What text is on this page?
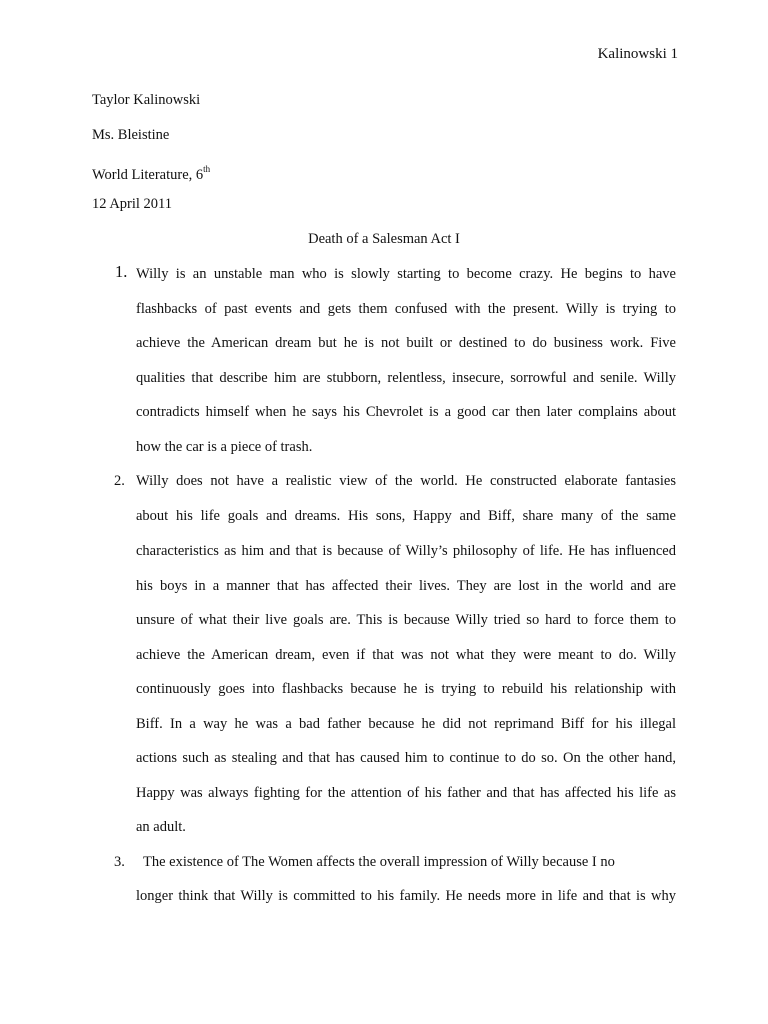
Kalinowski 1
Taylor Kalinowski
Ms. Bleistine
World Literature, 6th
12 April 2011
Death of a Salesman Act I
1. Willy is an unstable man who is slowly starting to become crazy. He begins to have
flashbacks of past events and gets them confused with the present. Willy is trying to
achieve the American dream but he is not built or destined to do business work. Five
qualities that describe him are stubborn, relentless, insecure, sorrowful and senile. Willy
contradicts himself when he says his Chevrolet is a good car then later complains about
how the car is a piece of trash.
2. Willy does not have a realistic view of the world. He constructed elaborate fantasies
about his life goals and dreams. His sons, Happy and Biff, share many of the same
characteristics as him and that is because of Willy’s philosophy of life. He has influenced
his boys in a manner that has affected their lives. They are lost in the world and are
unsure of what their live goals are. This is because Willy tried so hard to force them to
achieve the American dream, even if that was not what they were meant to do. Willy
continuously goes into flashbacks because he is trying to rebuild his relationship with
Biff. In a way he was a bad father because he did not reprimand Biff for his illegal
actions such as stealing and that has caused him to continue to do so. On the other hand,
Happy was always fighting for the attention of his father and that has affected his life as
an adult.
3. The existence of The Women affects the overall impression of Willy because I no
longer think that Willy is committed to his family. He needs more in life and that is why
